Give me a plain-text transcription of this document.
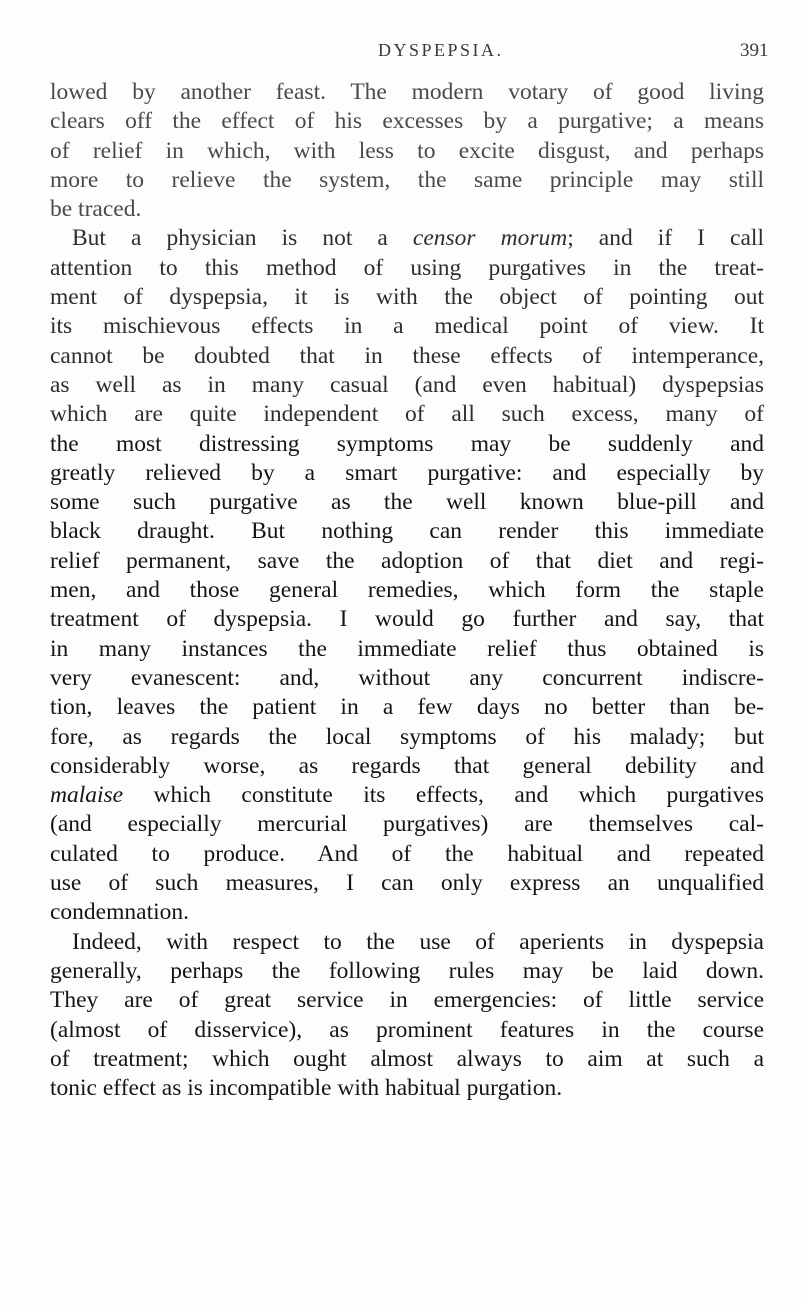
DYSPEPSIA.	391
lowed by another feast. The modern votary of good living
clears off the effect of his excesses by a purgative; a means
of relief in which, with less to excite disgust, and perhaps
more to relieve the system, the same principle may still
be traced.
But a physician is not a censor morum; and if I call
attention to this method of using purgatives in the treat-
ment of dyspepsia, it is with the object of pointing out
its mischievous effects in a medical point of view. It
cannot be doubted that in these effects of intemperance,
as well as in many casual (and even habitual) dyspepsias
which are quite independent of all such excess, many of
the most distressing symptoms may be suddenly and
greatly relieved by a smart purgative: and especially by
some such purgative as the well known blue-pill and
black draught. But nothing can render this immediate
relief permanent, save the adoption of that diet and regi-
men, and those general remedies, which form the staple
treatment of dyspepsia. I would go further and say, that
in many instances the immediate relief thus obtained is
very evanescent: and, without any concurrent indiscre-
tion, leaves the patient in a few days no better than be-
fore, as regards the local symptoms of his malady; but
considerably worse, as regards that general debility and
malaise which constitute its effects, and which purgatives
(and especially mercurial purgatives) are themselves cal-
culated to produce. And of the habitual and repeated
use of such measures, I can only express an unqualified
condemnation.
Indeed, with respect to the use of aperients in dyspepsia
generally, perhaps the following rules may be laid down.
They are of great service in emergencies: of little service
(almost of disservice), as prominent features in the course
of treatment; which ought almost always to aim at such a
tonic effect as is incompatible with habitual purgation.
